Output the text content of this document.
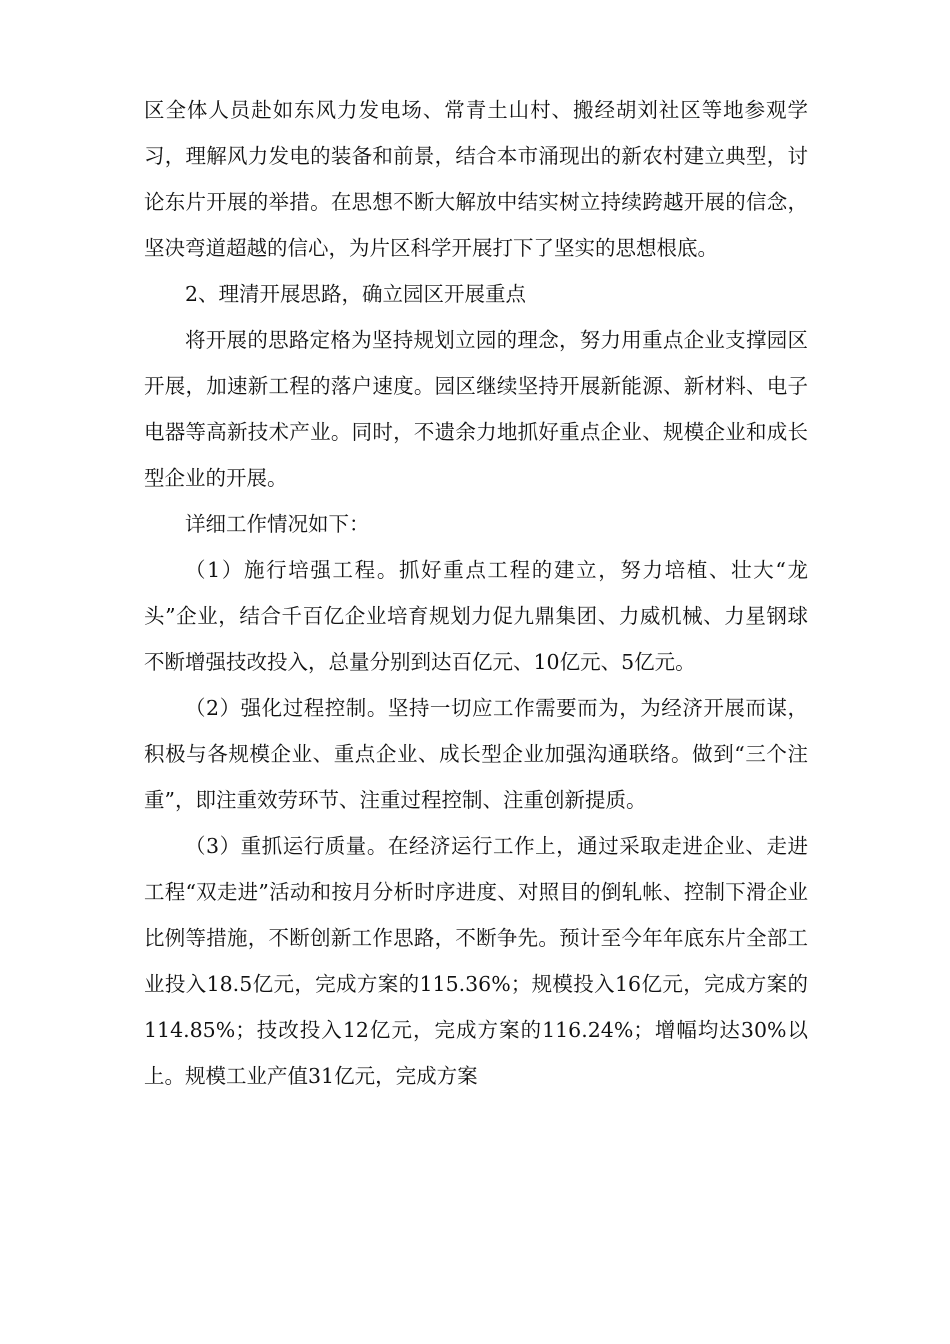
区全体人员赴如东风力发电场、常青土山村、搬经胡刘社区等地参观学习，理解风力发电的装备和前景，结合本市涌现出的新农村建立典型，讨论东片开展的举措。在思想不断大解放中结实树立持续跨越开展的信念，坚决弯道超越的信心，为片区科学开展打下了坚实的思想根底。

2、理清开展思路，确立园区开展重点

将开展的思路定格为坚持规划立园的理念，努力用重点企业支撑园区开展，加速新工程的落户速度。园区继续坚持开展新能源、新材料、电子电器等高新技术产业。同时，不遗余力地抓好重点企业、规模企业和成长型企业的开展。

详细工作情况如下：

（1）施行培强工程。抓好重点工程的建立，努力培植、壮大“龙头”企业，结合千百亿企业培育规划力促九鼎集团、力威机械、力星钢球不断增强技改投入，总量分别到达百亿元、10亿元、5亿元。

（2）强化过程控制。坚持一切应工作需要而为，为经济开展而谋，积极与各规模企业、重点企业、成长型企业加强沟通联络。做到“三个注重”，即注重效劳环节、注重过程控制、注重创新提质。

（3）重抓运行质量。在经济运行工作上，通过采取走进企业、走进工程“双走进”活动和按月分析时序进度、对照目的倒轧帐、控制下滑企业比例等措施，不断创新工作思路，不断争先。预计至今年年底东片全部工业投入18.5亿元，完成方案的115.36%；规模投入16亿元，完成方案的114.85%；技改投入12亿元，完成方案的116.24%；增幅均达30%以上。规模工业产值31亿元，完成方案
